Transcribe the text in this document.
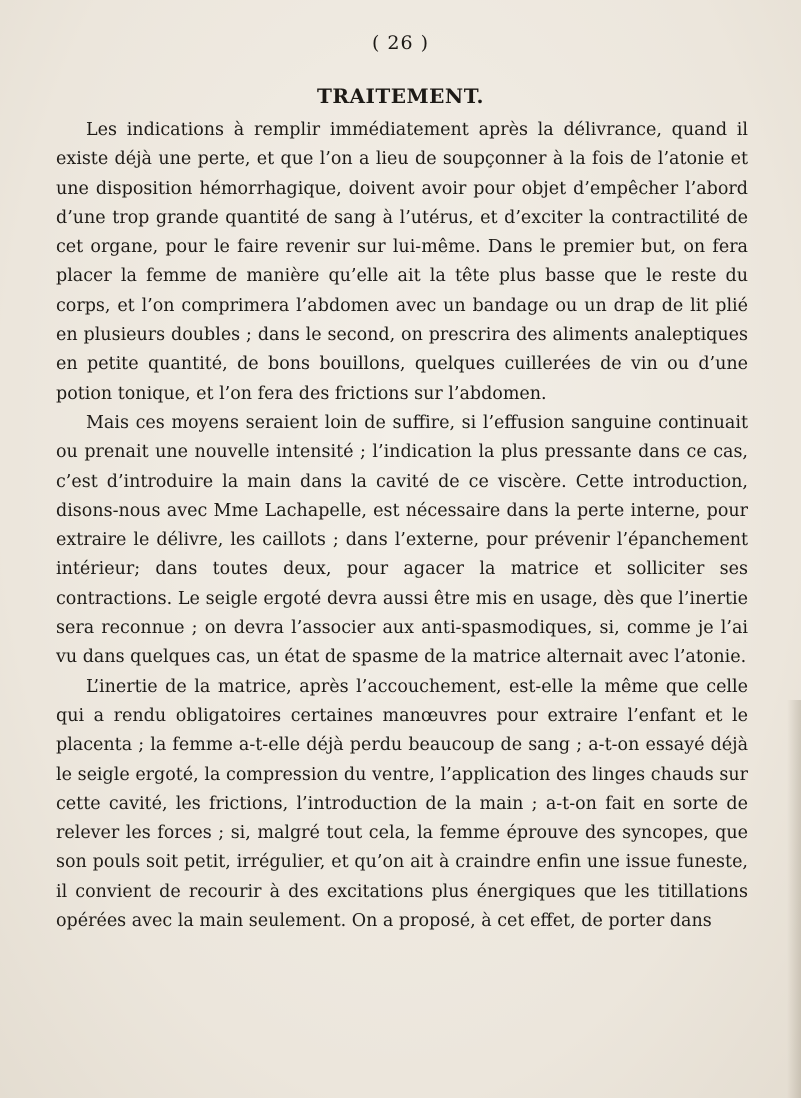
( 26 )
TRAITEMENT.

Les indications à remplir immédiatement après la délivrance, quand il existe déjà une perte, et que l’on a lieu de soupçonner à la fois de l’atonie et une disposition hémorrhagique, doivent avoir pour objet d’empêcher l’abord d’une trop grande quantité de sang à l’utérus, et d’exciter la contractilité de cet organe, pour le faire revenir sur lui-même. Dans le premier but, on fera placer la femme de manière qu’elle ait la tête plus basse que le reste du corps, et l’on comprimera l’abdomen avec un bandage ou un drap de lit plié en plusieurs doubles ; dans le second, on prescrira des aliments analeptiques en petite quantité, de bons bouillons, quelques cuillerées de vin ou d’une potion tonique, et l’on fera des frictions sur l’abdomen.

Mais ces moyens seraient loin de suffire, si l’effusion sanguine continuait ou prenait une nouvelle intensité ; l’indication la plus pressante dans ce cas, c’est d’introduire la main dans la cavité de ce viscère. Cette introduction, disons-nous avec Mme Lachapelle, est nécessaire dans la perte interne, pour extraire le délivre, les caillots ; dans l’externe, pour prévenir l’épanchement intérieur; dans toutes deux, pour agacer la matrice et solliciter ses contractions. Le seigle ergoté devra aussi être mis en usage, dès que l’inertie sera reconnue ; on devra l’associer aux anti-spasmodiques, si, comme je l’ai vu dans quelques cas, un état de spasme de la matrice alternait avec l’atonie.

L’inertie de la matrice, après l’accouchement, est-elle la même que celle qui a rendu obligatoires certaines manœuvres pour extraire l’enfant et le placenta ; la femme a-t-elle déjà perdu beaucoup de sang ; a-t-on essayé déjà le seigle ergoté, la compression du ventre, l’application des linges chauds sur cette cavité, les frictions, l’introduction de la main ; a-t-on fait en sorte de relever les forces ; si, malgré tout cela, la femme éprouve des syncopes, que son pouls soit petit, irrégulier, et qu’on ait à craindre enfin une issue funeste, il convient de recourir à des excitations plus énergiques que les titillations opérées avec la main seulement. On a proposé, à cet effet, de porter dans
